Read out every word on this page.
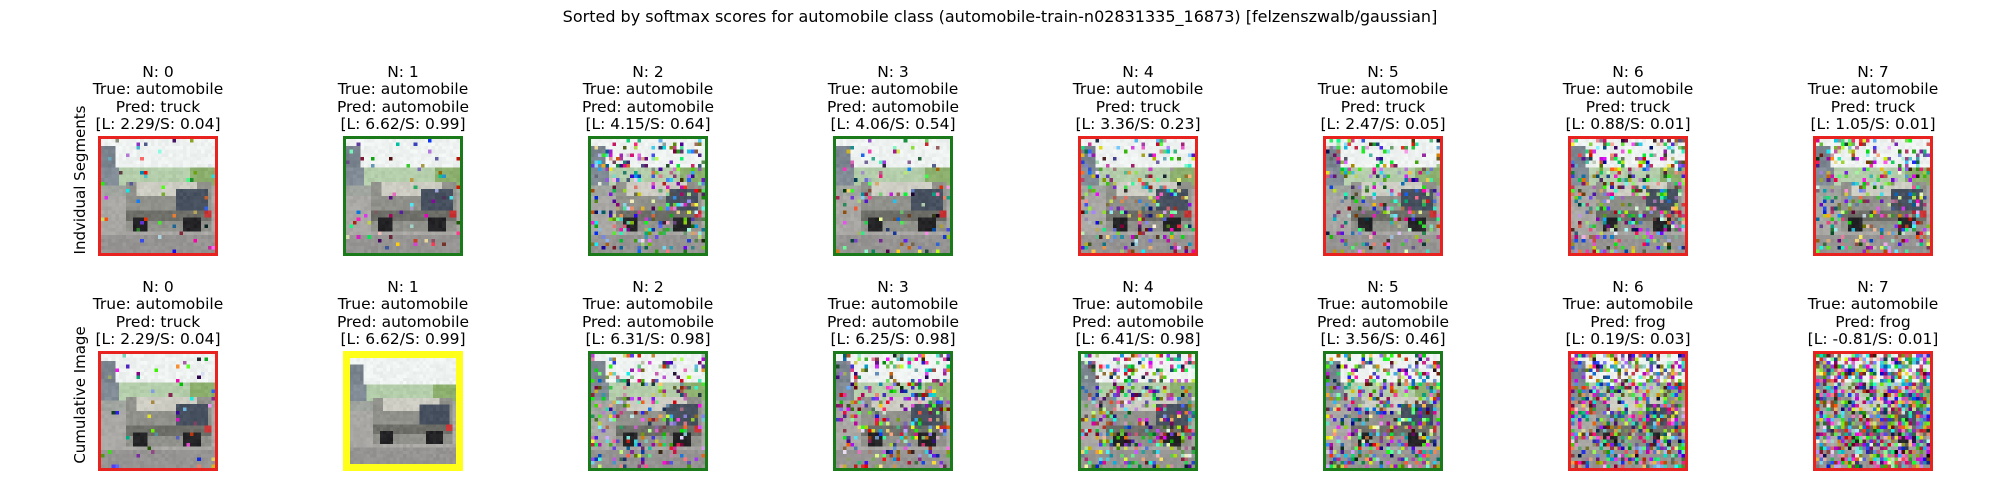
Sorted by softmax scores for automobile class (automobile-train-n02831335_16873) [felzenszwalb/gaussian]
Indvidual Segments
Cumulative Image
N: 0
True: automobile
Pred: truck
[L: 2.29/S: 0.04]
N: 1
True: automobile
Pred: automobile
[L: 6.62/S: 0.99]
N: 2
True: automobile
Pred: automobile
[L: 4.15/S: 0.64]
N: 3
True: automobile
Pred: automobile
[L: 4.06/S: 0.54]
N: 4
True: automobile
Pred: truck
[L: 3.36/S: 0.23]
N: 5
True: automobile
Pred: truck
[L: 2.47/S: 0.05]
N: 6
True: automobile
Pred: truck
[L: 0.88/S: 0.01]
N: 7
True: automobile
Pred: truck
[L: 1.05/S: 0.01]
N: 0
True: automobile
Pred: truck
[L: 2.29/S: 0.04]
N: 1
True: automobile
Pred: automobile
[L: 6.62/S: 0.99]
N: 2
True: automobile
Pred: automobile
[L: 6.31/S: 0.98]
N: 3
True: automobile
Pred: automobile
[L: 6.25/S: 0.98]
N: 4
True: automobile
Pred: automobile
[L: 6.41/S: 0.98]
N: 5
True: automobile
Pred: automobile
[L: 3.56/S: 0.46]
N: 6
True: automobile
Pred: frog
[L: 0.19/S: 0.03]
N: 7
True: automobile
Pred: frog
[L: -0.81/S: 0.01]
